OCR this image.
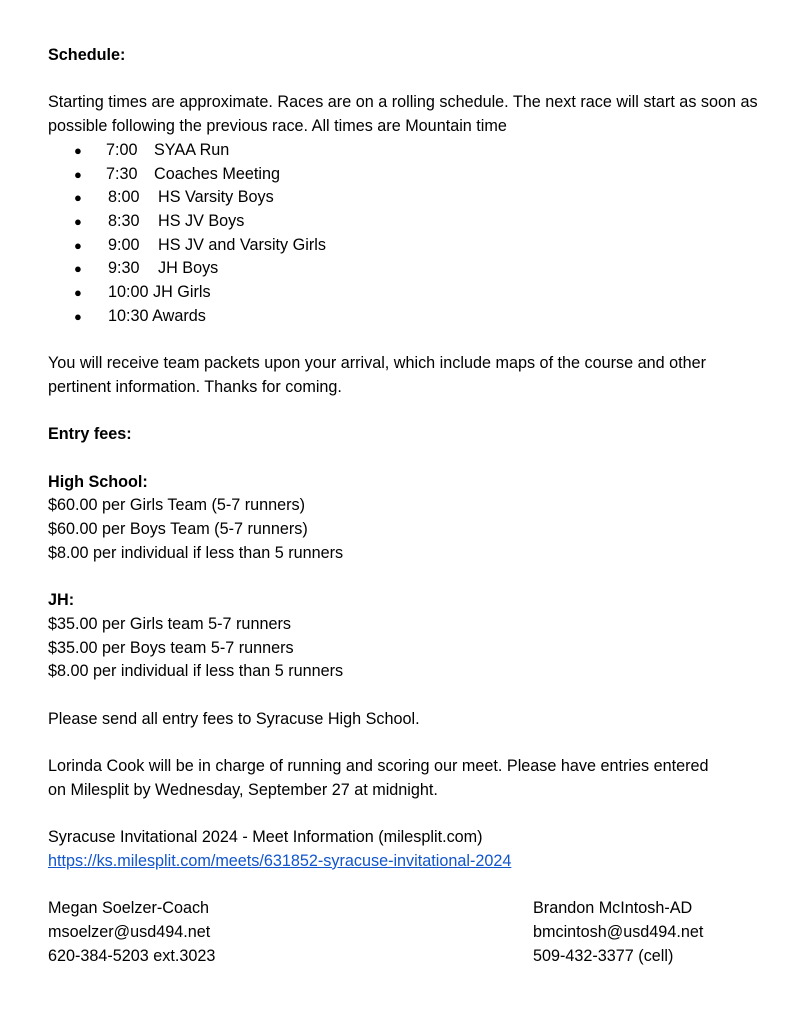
Schedule:

Starting times are approximate. Races are on a rolling schedule. The next race will start as soon as possible following the previous race. All times are Mountain time

● 7:00 SYAA Run
● 7:30 Coaches Meeting
● 8:00 HS Varsity Boys
● 8:30 HS JV Boys
● 9:00 HS JV and Varsity Girls
● 9:30 JH Boys
● 10:00 JH Girls
● 10:30 Awards

You will receive team packets upon your arrival, which include maps of the course and other pertinent information. Thanks for coming.

Entry fees:

High School:

$60.00 per Girls Team (5-7 runners)

$60.00 per Boys Team (5-7 runners)

$8.00 per individual if less than 5 runners

JH:

$35.00 per Girls team 5-7 runners

$35.00 per Boys team 5-7 runners

$8.00 per individual if less than 5 runners

Please send all entry fees to Syracuse High School.

Lorinda Cook will be in charge of running and scoring our meet. Please have entries entered on Milesplit by Wednesday, September 27 at midnight.

Syracuse Invitational 2024 - Meet Information (milesplit.com)

https://ks.milesplit.com/meets/631852-syracuse-invitational-2024

Megan Soelzer-Coach

msoelzer@usd494.net

620-384-5203 ext.3023

Brandon McIntosh-AD

bmcintosh@usd494.net

509-432-3377 (cell)
